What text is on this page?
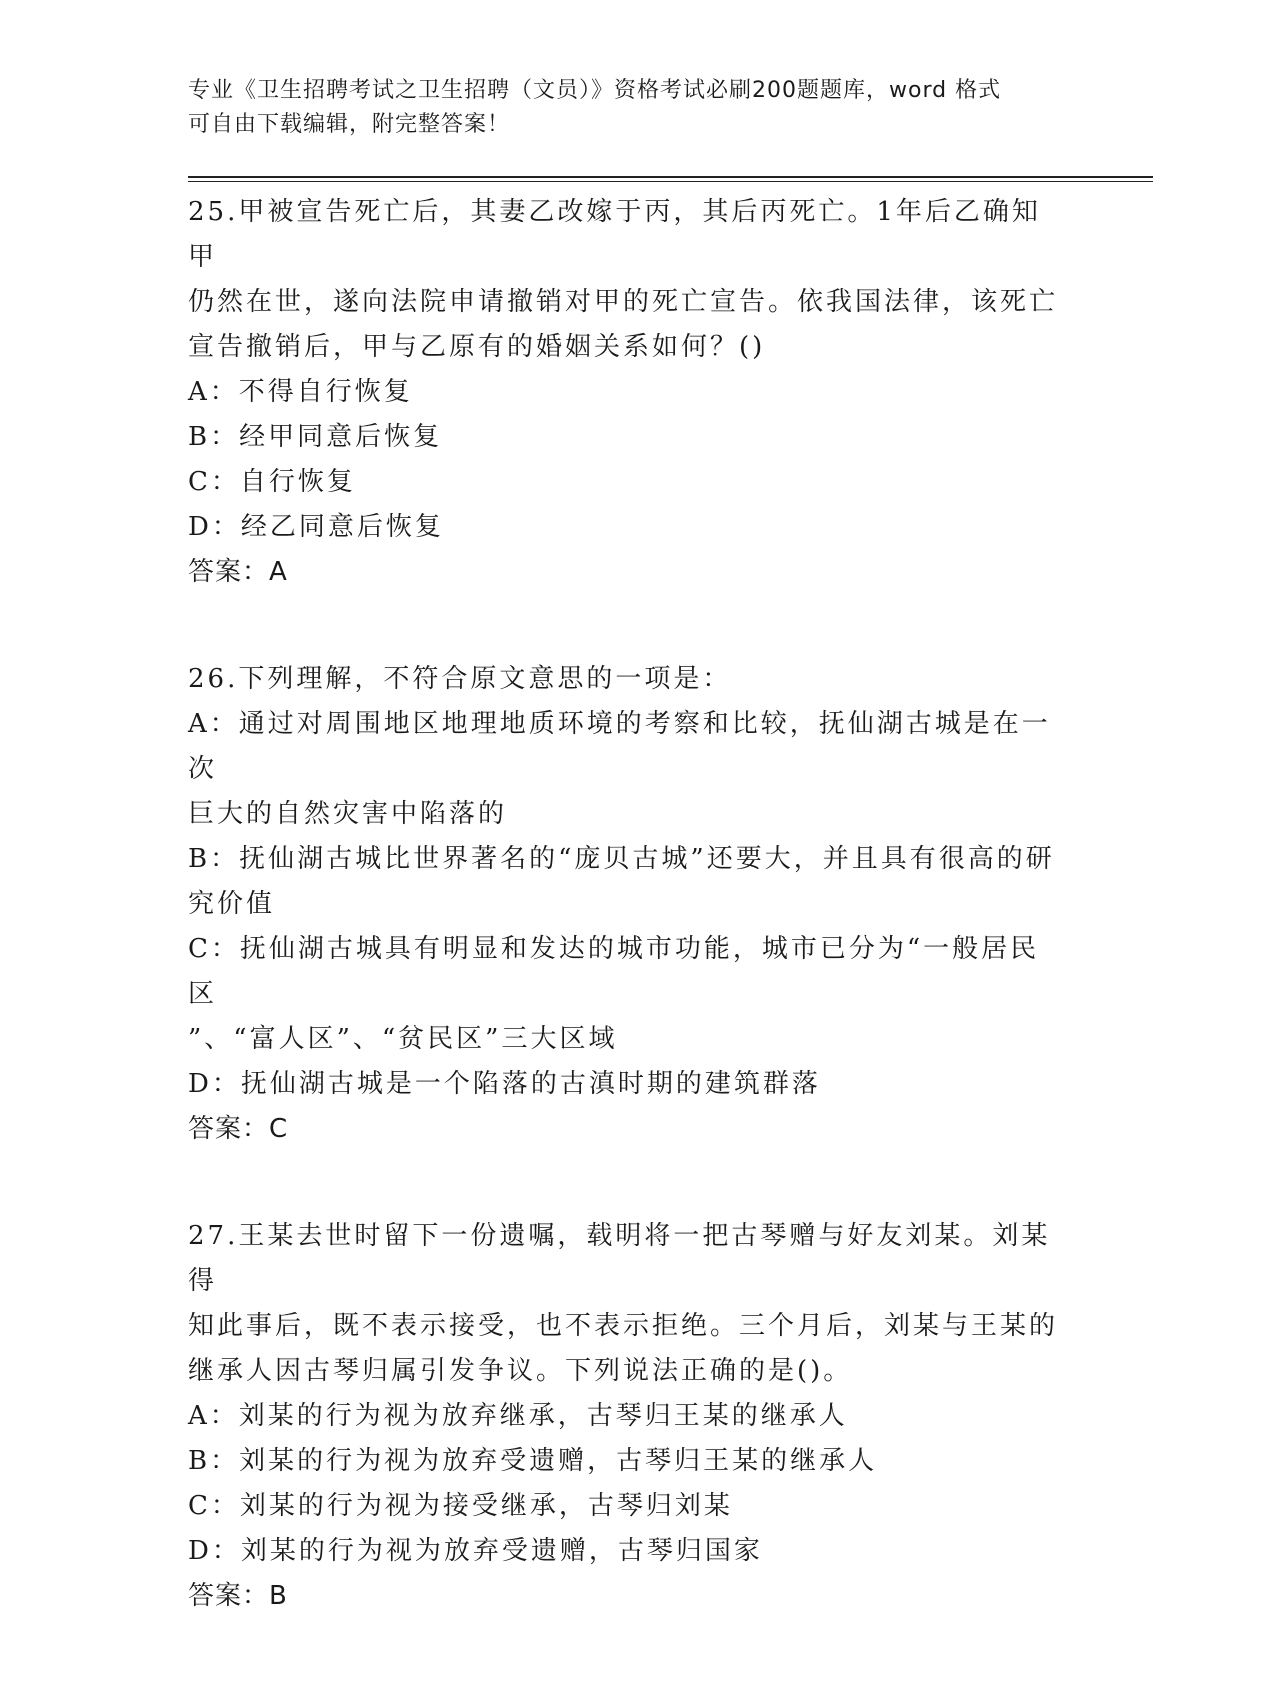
专业《卫生招聘考试之卫生招聘（文员）》资格考试必刷200题题库，word 格式
可自由下载编辑，附完整答案！
25.甲被宣告死亡后，其妻乙改嫁于丙，其后丙死亡。1年后乙确知甲
仍然在世，遂向法院申请撤销对甲的死亡宣告。依我国法律，该死亡
宣告撤销后，甲与乙原有的婚姻关系如何？()
A：不得自行恢复
B：经甲同意后恢复
C：自行恢复
D：经乙同意后恢复
答案：A
26.下列理解，不符合原文意思的一项是：
A：通过对周围地区地理地质环境的考察和比较，抚仙湖古城是在一次
巨大的自然灾害中陷落的
B：抚仙湖古城比世界著名的“庞贝古城”还要大，并且具有很高的研
究价值
C：抚仙湖古城具有明显和发达的城市功能，城市已分为“一般居民区
”、“富人区”、“贫民区”三大区域
D：抚仙湖古城是一个陷落的古滇时期的建筑群落
答案：C
27.王某去世时留下一份遗嘱，载明将一把古琴赠与好友刘某。刘某得
知此事后，既不表示接受，也不表示拒绝。三个月后，刘某与王某的
继承人因古琴归属引发争议。下列说法正确的是()。
A：刘某的行为视为放弃继承，古琴归王某的继承人
B：刘某的行为视为放弃受遗赠，古琴归王某的继承人
C：刘某的行为视为接受继承，古琴归刘某
D：刘某的行为视为放弃受遗赠，古琴归国家
答案：B
